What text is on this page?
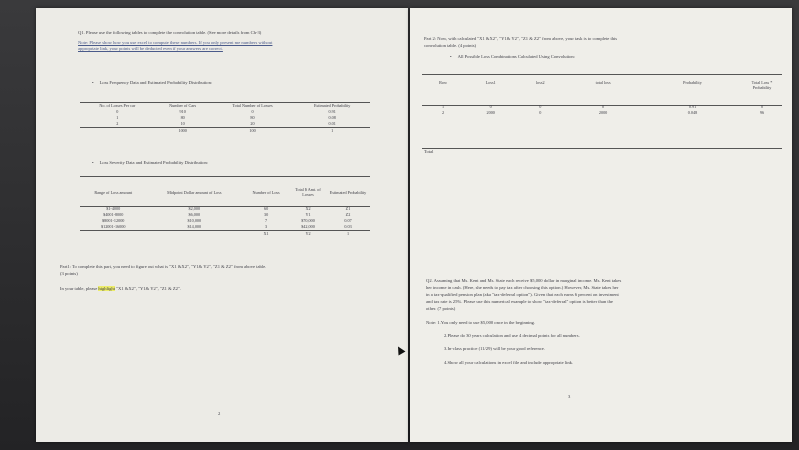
Q1. Please use the following tables to complete the convolution table. (See more details from Ch-3)
Note: Please show how you use excel to compute these numbers. If you only present me numbers without
appropriate link, your points will be deducted even if your answers are correct.
• Loss Frequency Data and Estimated Probability Distribution:
No. of Losses Per car	Number of Cars	Total Number of Losses	Estimated Probability
0	910	0	0.91
1	80	80	0.08
2	10	20	0.01
	1000	100	1
• Loss Severity Data and Estimated Probability Distribution:
Range of Loss amount	Midpoint Dollar amount of Loss	Number of Loss	Total $ Amt. of Losses	Estimated Probability
$1-4000	$2,000	60	X2	Z1
$4001-8000	$6,000	30	Y1	Z2
$8001-12000	$10,000	7	$70,000	0.07
$12001-16000	$14,000	3	$42,000	0.03
		X1	Y2	1
Part1: To complete this part, you need to figure out what is "X1 &X2", "Y1& Y2", "Z1 & Z2" from above table.
(3 points)
In your table, please highlight "X1 &X2", "Y1& Y2", "Z1 & Z2".
2
Part 2: Now, with calculated "X1 &X2", "Y1& Y2", "Z1 & Z2" from above, your task is to complete this
convolution table. (4 points)
• All Possible Loss Combinations Calculated Using Convolution:
Row	Loss1	loss2	total loss	Probability	Total Loss * Probability
1	0	0	0	0.91	0
2	2000	0	2000	0.048	96
Total
Q2. Assuming that Ms. Kent and Ms. State each receive $5,000 dollar in marginal income. Ms. Kent takes
her income in cash. (Here, she needs to pay tax after choosing this option.) However, Ms. State takes her
in a tax-qualified pension plan (aka "tax-deferral option"). Given that each earns 6 percent on investment
and tax rate is 25%. Please use this numerical example to show "tax-deferral" option is better than the
other. (7 points)
Note: 1.You only need to use $5,000 once in the beginning.
2.Please do 30 years calculation and use 4 decimal points for all numbers.
3.In-class practice (11/29) will be your good reference.
4.Show all your calculations in excel file and include appropriate link.
3
